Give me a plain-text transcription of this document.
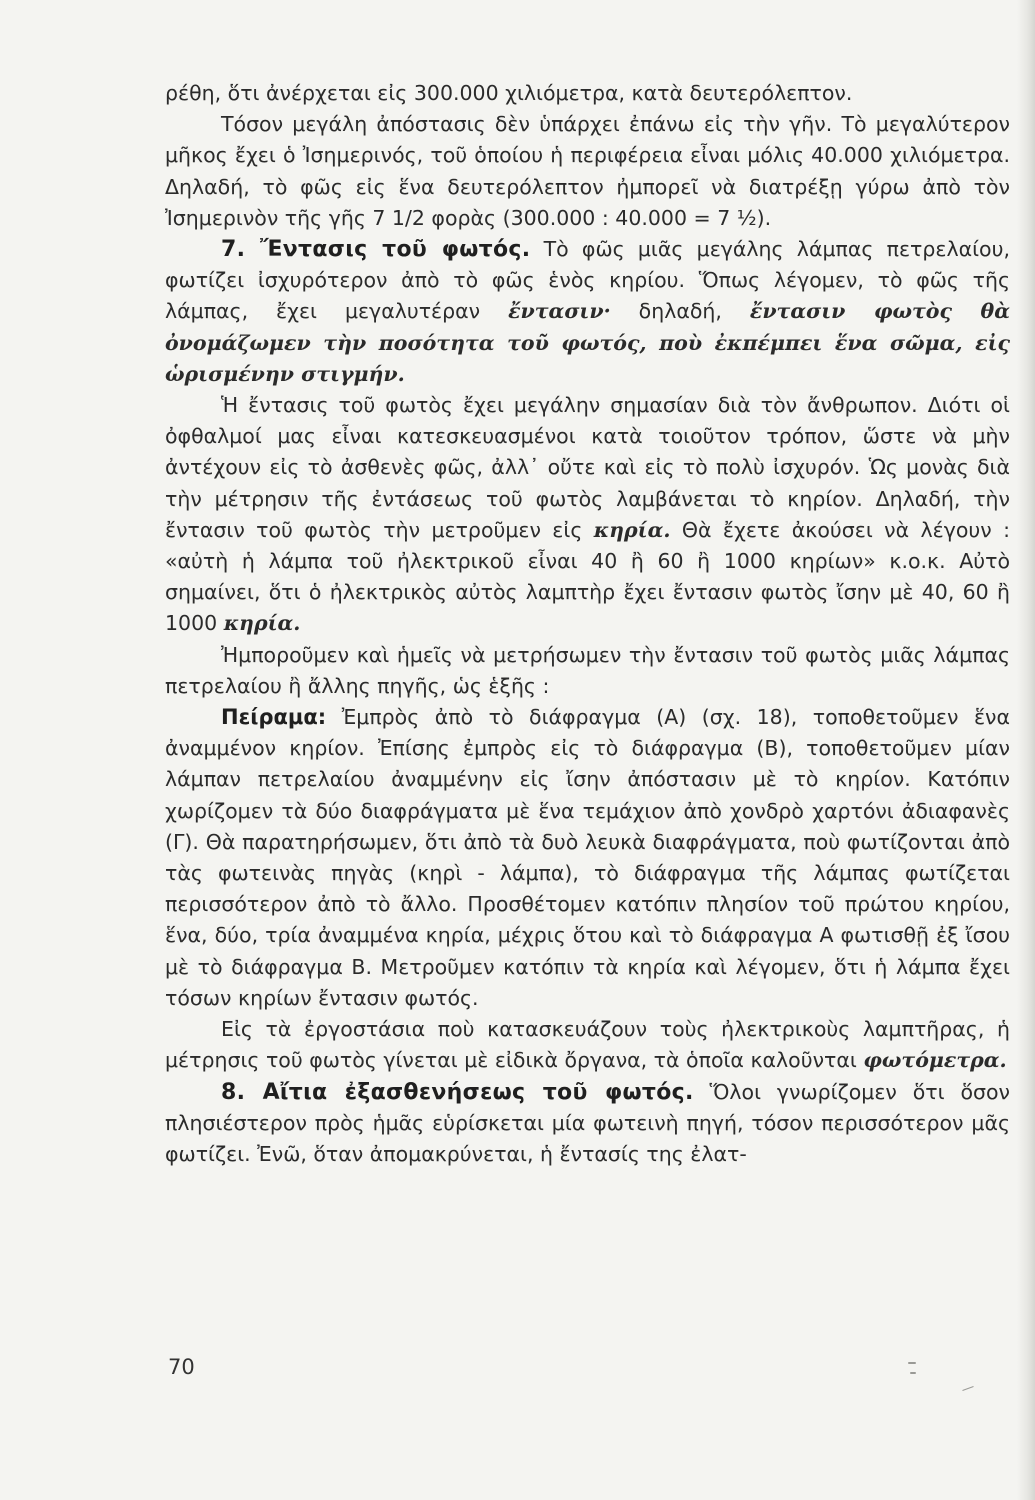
ρέθη, ὅτι ἀνέρχεται εἰς 300.000 χιλιόμετρα, κατὰ δευτερόλεπτον.

Τόσον μεγάλη ἀπόστασις δὲν ὑπάρχει ἐπάνω εἰς τὴν γῆν. Τὸ μεγαλύτερον μῆκος ἔχει ὁ Ἰσημερινός, τοῦ ὁποίου ἡ περιφέρεια εἶναι μόλις 40.000 χιλιόμετρα. Δηλαδή, τὸ φῶς εἰς ἕνα δευτερόλεπτον ἠμπορεῖ νὰ διατρέξῃ γύρω ἀπὸ τὸν Ἰσημερινὸν τῆς γῆς 7 1/2 φορὰς (300.000 : 40.000 = 7 ½).

7. Ἔντασις τοῦ φωτός. Τὸ φῶς μιᾶς μεγάλης λάμπας πετρελαίου, φωτίζει ἰσχυρότερον ἀπὸ τὸ φῶς ἑνὸς κηρίου. Ὅπως λέγομεν, τὸ φῶς τῆς λάμπας, ἔχει μεγαλυτέραν ἔντασιν· δηλαδή, ἔντασιν φωτὸς θὰ ὀνομάζωμεν τὴν ποσότητα τοῦ φωτός, ποὺ ἐκπέμπει ἕνα σῶμα, εἰς ὡρισμένην στιγμήν.

Ἡ ἔντασις τοῦ φωτὸς ἔχει μεγάλην σημασίαν διὰ τὸν ἄνθρωπον. Διότι οἱ ὀφθαλμοί μας εἶναι κατεσκευασμένοι κατὰ τοιοῦτον τρόπον, ὥστε νὰ μὴν ἀντέχουν εἰς τὸ ἀσθενὲς φῶς, ἀλλ᾽ οὔτε καὶ εἰς τὸ πολὺ ἰσχυρόν. Ὡς μονὰς διὰ τὴν μέτρησιν τῆς ἐντάσεως τοῦ φωτὸς λαμβάνεται τὸ κηρίον. Δηλαδή, τὴν ἔντασιν τοῦ φωτὸς τὴν μετροῦμεν εἰς κηρία. Θὰ ἔχετε ἀκούσει νὰ λέγουν : «αὐτὴ ἡ λάμπα τοῦ ἠλεκτρικοῦ εἶναι 40 ἢ 60 ἢ 1000 κηρίων» κ.ο.κ. Αὐτὸ σημαίνει, ὅτι ὁ ἠλεκτρικὸς αὐτὸς λαμπτὴρ ἔχει ἔντασιν φωτὸς ἴσην μὲ 40, 60 ἢ 1000 κηρία.

Ἠμποροῦμεν καὶ ἡμεῖς νὰ μετρήσωμεν τὴν ἔντασιν τοῦ φωτὸς μιᾶς λάμπας πετρελαίου ἢ ἄλλης πηγῆς, ὡς ἑξῆς :

Πείραμα: Ἐμπρὸς ἀπὸ τὸ διάφραγμα (Α) (σχ. 18), τοποθετοῦμεν ἕνα ἀναμμένον κηρίον. Ἐπίσης ἐμπρὸς εἰς τὸ διάφραγμα (Β), τοποθετοῦμεν μίαν λάμπαν πετρελαίου ἀναμμένην εἰς ἴσην ἀπόστασιν μὲ τὸ κηρίον. Κατόπιν χωρίζομεν τὰ δύο διαφράγματα μὲ ἕνα τεμάχιον ἀπὸ χονδρὸ χαρτόνι ἀδιαφανὲς (Γ). Θὰ παρατηρήσωμεν, ὅτι ἀπὸ τὰ δυὸ λευκὰ διαφράγματα, ποὺ φωτίζονται ἀπὸ τὰς φωτεινὰς πηγὰς (κηρὶ - λάμπα), τὸ διάφραγμα τῆς λάμπας φωτίζεται περισσότερον ἀπὸ τὸ ἄλλο. Προσθέτομεν κατόπιν πλησίον τοῦ πρώτου κηρίου, ἕνα, δύο, τρία ἀναμμένα κηρία, μέχρις ὅτου καὶ τὸ διάφραγμα Α φωτισθῇ ἐξ ἴσου μὲ τὸ διάφραγμα Β. Μετροῦμεν κατόπιν τὰ κηρία καὶ λέγομεν, ὅτι ἡ λάμπα ἔχει τόσων κηρίων ἔντασιν φωτός.

Εἰς τὰ ἐργοστάσια ποὺ κατασκευάζουν τοὺς ἠλεκτρικοὺς λαμπτῆρας, ἡ μέτρησις τοῦ φωτὸς γίνεται μὲ εἰδικὰ ὄργανα, τὰ ὁποῖα καλοῦνται φωτόμετρα.

8. Αἴτια ἐξασθενήσεως τοῦ φωτός. Ὅλοι γνωρίζομεν ὅτι ὅσον πλησιέστερον πρὸς ἡμᾶς εὑρίσκεται μία φωτεινὴ πηγή, τόσον περισσότερον μᾶς φωτίζει. Ἐνῶ, ὅταν ἀπομακρύνεται, ἡ ἔντασίς της ἐλατ-

70
